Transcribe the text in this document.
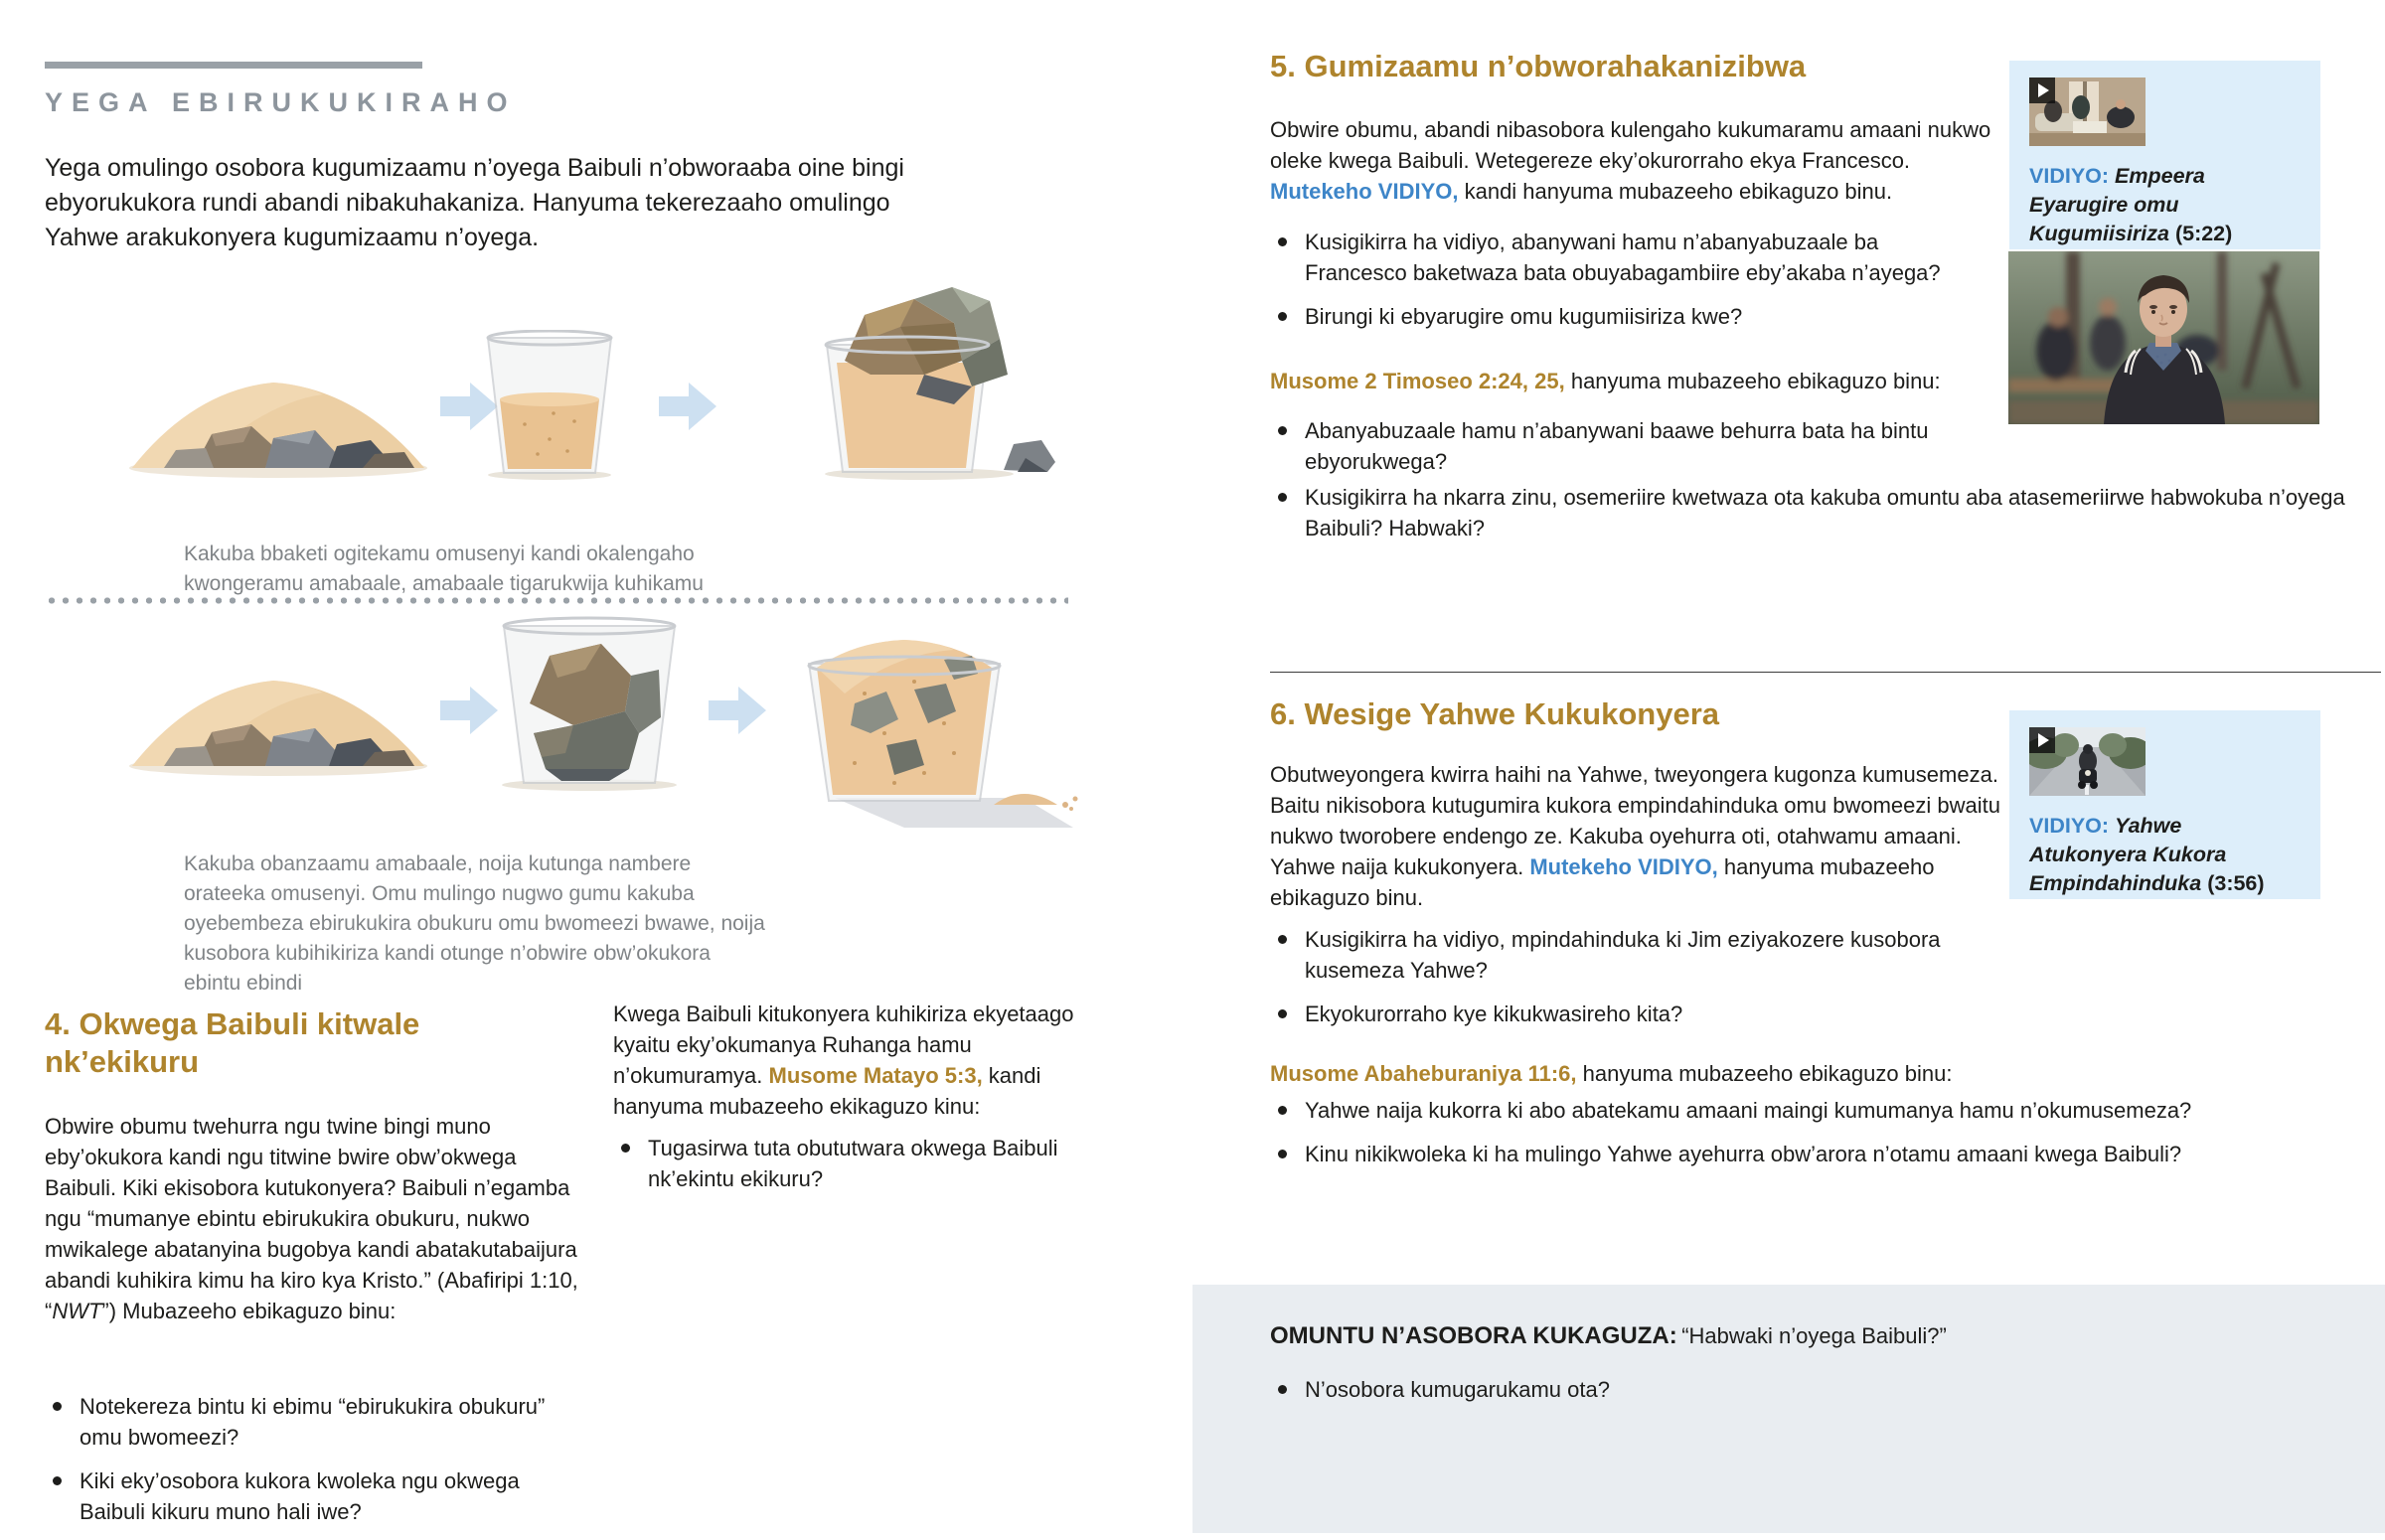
YEGA EBIRUKUKIRAHO
Yega omulingo osobora kugumizaamu n’oyega Baibuli n’obworaaba oine bingi ebyorukukora rundi abandi nibakuhakaniza. Hanyuma tekerezaaho omulingo Yahwe arakukonyera kugumizaamu n’oyega.
Kakuba bbaketi ogitekamu omusenyi kandi okalengaho kwongeramu amabaale, amabaale tigarukwija kuhikamu
Kakuba obanzaamu amabaale, noija kutunga nambere orateeka omusenyi. Omu mulingo nugwo gumu kakuba oyebembeza ebirukukira obukuru omu bwomeezi bwawe, noija kusobora kubihikiriza kandi otunge n’obwire obw’okukora ebintu ebindi
4. Okwega Baibuli kitwale nk’ekikuru

Obwire obumu twehurra ngu twine bingi muno eby’okukora kandi ngu titwine bwire obw’okwega Baibuli. Kiki ekisobora kutukonyera? Baibuli n’egamba ngu “mumanye ebintu ebirukukira obukuru, nukwo mwikalege abatanyina bugobya kandi abatakutabaijura abandi kuhikira kimu ha kiro kya Kristo.” (Abafiripi 1:10, “NWT”) Mubazeeho ebikaguzo binu:

Notekereza bintu ki ebimu “ebirukukira obukuru” omu bwomeezi?
Kiki eky’osobora kukora kwoleka ngu okwega Baibuli kikuru muno hali iwe?

Kwega Baibuli kitukonyera kuhikiriza ekyetaago kyaitu eky’okumanya Ruhanga hamu n’okumuramya. Musome Matayo 5:3, kandi hanyuma mubazeeho ekikaguzo kinu:

Tugasirwa tuta obututwara okwega Baibuli nk’ekintu ekikuru?
5. Gumizaamu n’obworahakanizibwa

Obwire obumu, abandi nibasobora kulengaho kukumaramu amaani nukwo oleke kwega Baibuli. Wetegereze eky’okurorraho ekya Francesco. Mutekeho VIDIYO, kandi hanyuma mubazeeho ebikaguzo binu.

Kusigikirra ha vidiyo, abanywani hamu n’abanyabuzaale ba Francesco baketwaza bata obuyabagambiire eby’akaba n’ayega?
Birungi ki ebyarugire omu kugumiisiriza kwe?

Musome 2 Timoseo 2:24, 25, hanyuma mubazeeho ebikaguzo binu:

Abanyabuzaale hamu n’abanywani baawe behurra bata ha bintu ebyorukwega?
Kusigikirra ha nkarra zinu, osemeriire kwetwaza ota kakuba omuntu aba atasemeriirwe habwokuba n’oyega Baibuli? Habwaki?
VIDIYO: Empeera Eyarugire omu Kugumiisiriza (5:22)
6. Wesige Yahwe Kukukonyera

Obutweyongera kwirra haihi na Yahwe, tweyongera kugonza kumusemeza. Baitu nikisobora kutugumira kukora empindahinduka omu bwomeezi bwaitu nukwo tworobere endengo ze. Kakuba oyehurra oti, otahwamu amaani. Yahwe naija kukukonyera. Mutekeho VIDIYO, hanyuma mubazeeho ebikaguzo binu.

Kusigikirra ha vidiyo, mpindahinduka ki Jim eziyakozere kusobora kusemeza Yahwe?
Ekyokurorraho kye kikukwasireho kita?

Musome Abaheburaniya 11:6, hanyuma mubazeeho ebikaguzo binu:

Yahwe naija kukorra ki abo abatekamu amaani maingi kumumanya hamu n’okumusemeza?
Kinu nikikwoleka ki ha mulingo Yahwe ayehurra obw’arora n’otamu amaani kwega Baibuli?
VIDIYO: Yahwe Atukonyera Kukora Empindahinduka (3:56)
OMUNTU N’ASOBORA KUKAGUZA: “Habwaki n’oyega Baibuli?”
N’osobora kumugarukamu ota?
